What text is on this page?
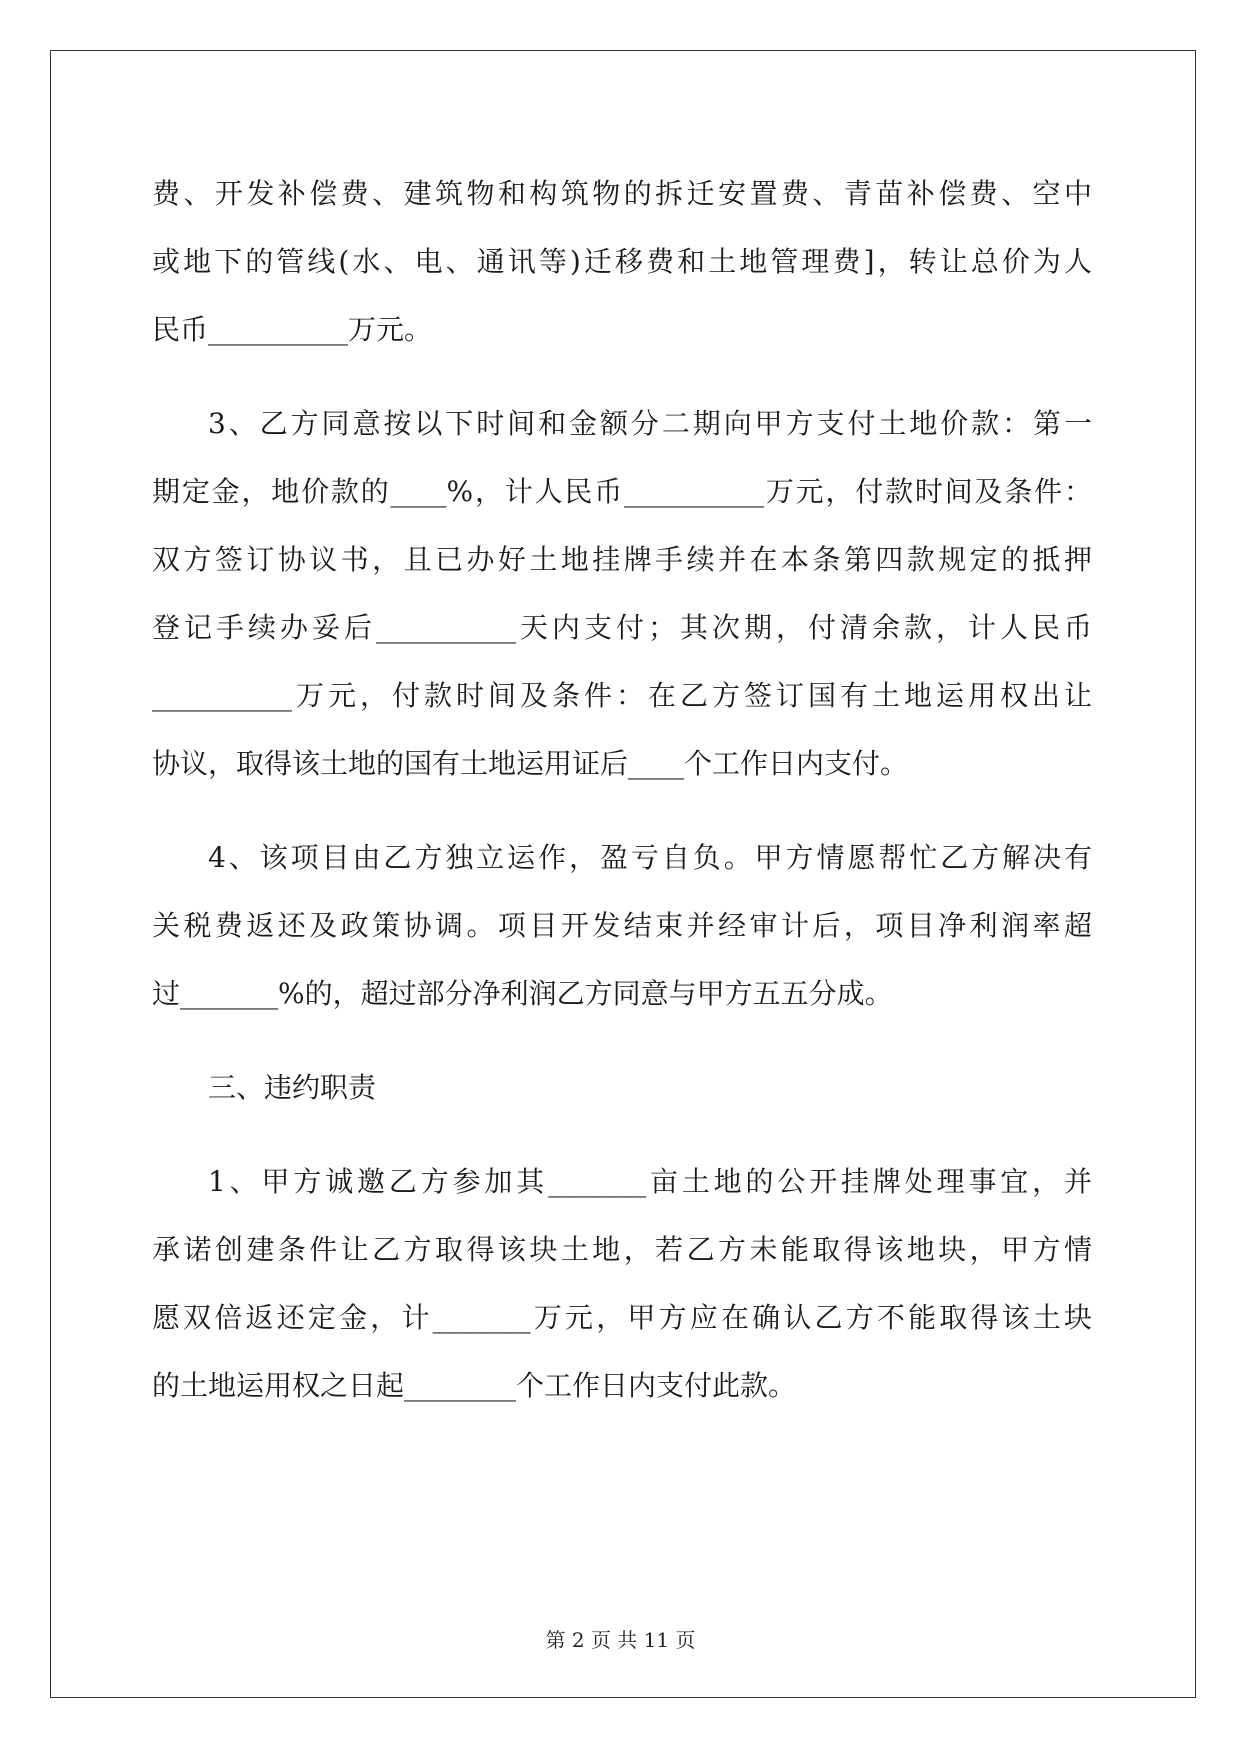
费、开发补偿费、建筑物和构筑物的拆迁安置费、青苗补偿费、空中
或地下的管线(水、电、通讯等)迁移费和土地管理费]，转让总价为人
民币__________万元。
3、乙方同意按以下时间和金额分二期向甲方支付土地价款：第一
期定金，地价款的____%，计人民币__________万元，付款时间及条件：
双方签订协议书，且已办好土地挂牌手续并在本条第四款规定的抵押
登记手续办妥后__________天内支付；其次期，付清余款，计人民币
__________万元，付款时间及条件：在乙方签订国有土地运用权出让
协议，取得该土地的国有土地运用证后____个工作日内支付。
4、该项目由乙方独立运作，盈亏自负。甲方情愿帮忙乙方解决有
关税费返还及政策协调。项目开发结束并经审计后，项目净利润率超
过_______%的，超过部分净利润乙方同意与甲方五五分成。
三、违约职责
1、甲方诚邀乙方参加其_______亩土地的公开挂牌处理事宜，并
承诺创建条件让乙方取得该块土地，若乙方未能取得该地块，甲方情
愿双倍返还定金，计_______万元，甲方应在确认乙方不能取得该土块
的土地运用权之日起________个工作日内支付此款。
第 2 页 共 11 页
